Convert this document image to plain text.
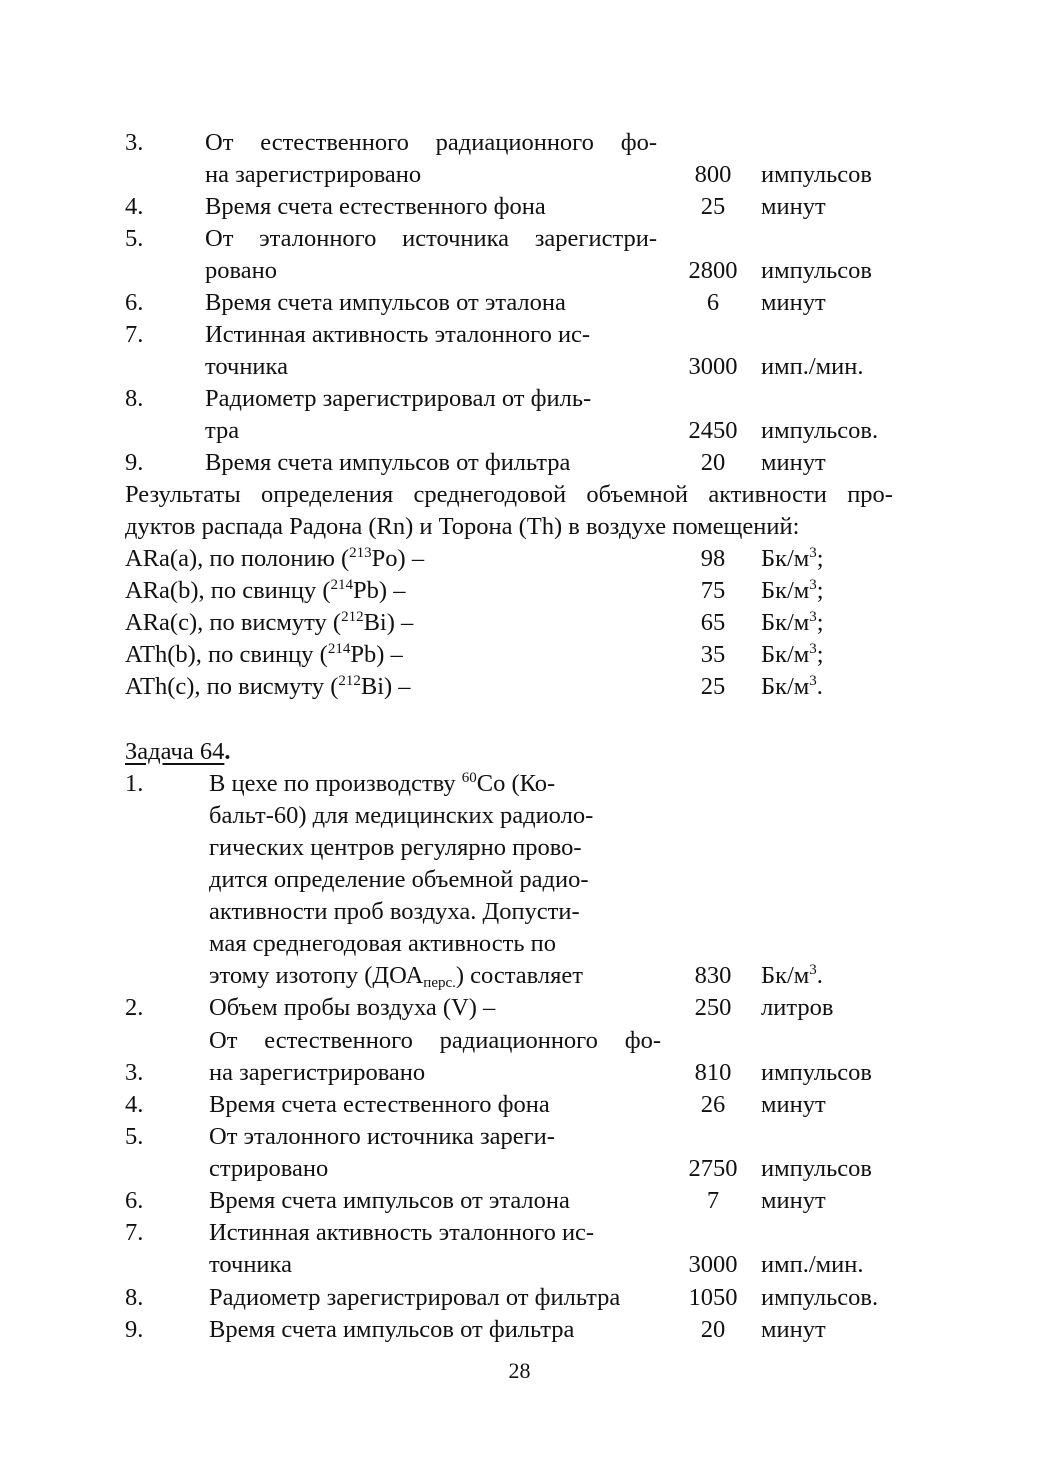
3.	От естественного радиационного фо-
на зарегистрировано	800	импульсов
4.	Время счета естественного фона	25	минут
5.	От эталонного источника зарегистри-
ровано	2800 импульсов
6.	Время счета импульсов от эталона	6	минут
7.	Истинная активность эталонного ис-
точника	3000 имп./мин.
8.	Радиометр зарегистрировал от филь-
тра	2450 импульсов.
9.	Время счета импульсов от фильтра	20	минут
Результаты определения среднегодовой объемной активности про-
дуктов распада Радона (Rn) и Торона (Th) в воздухе помещений:
ARa(a), по полонию ($^{213}$Po) –	98	$Бк/м^3$;
ARa(b), по свинцу ($^{214}$Pb) –	75	$Бк/м^3$;
ARa(c), по висмуту ($^{212}$Bi) –	65	$Бк/м^3$;
ATh(b), по свинцу ($^{214}$Pb) –	35	$Бк/м^3$;
ATh(c), по висмуту ($^{212}$Bi) –	25	$Бк/м^3$.
Задача 64.
1.	В цехе по производству $^{60}$Co (Ко-
бальт-60) для медицинских радиоло-
гических центров регулярно прово-
дится определение объемной радио-
активности проб воздуха. Допусти-
мая среднегодовая активность по
этому изотопу $(ДОА_{перс.})$ составляет	830	$Бк/м^3$.
2.	Объем пробы воздуха (V) –	250	литров
От естественного радиационного фо-
3.	на зарегистрировано	810	импульсов
4.	Время счета естественного фона	26	минут
5.	От эталонного источника зареги-
стрировано	2750 импульсов
6.	Время счета импульсов от эталона	7	минут
7.	Истинная активность эталонного ис-
точника	3000 имп./мин.
8.	Радиометр зарегистрировал от фильтра	1050 импульсов.
9.	Время счета импульсов от фильтра	20	минут
28
